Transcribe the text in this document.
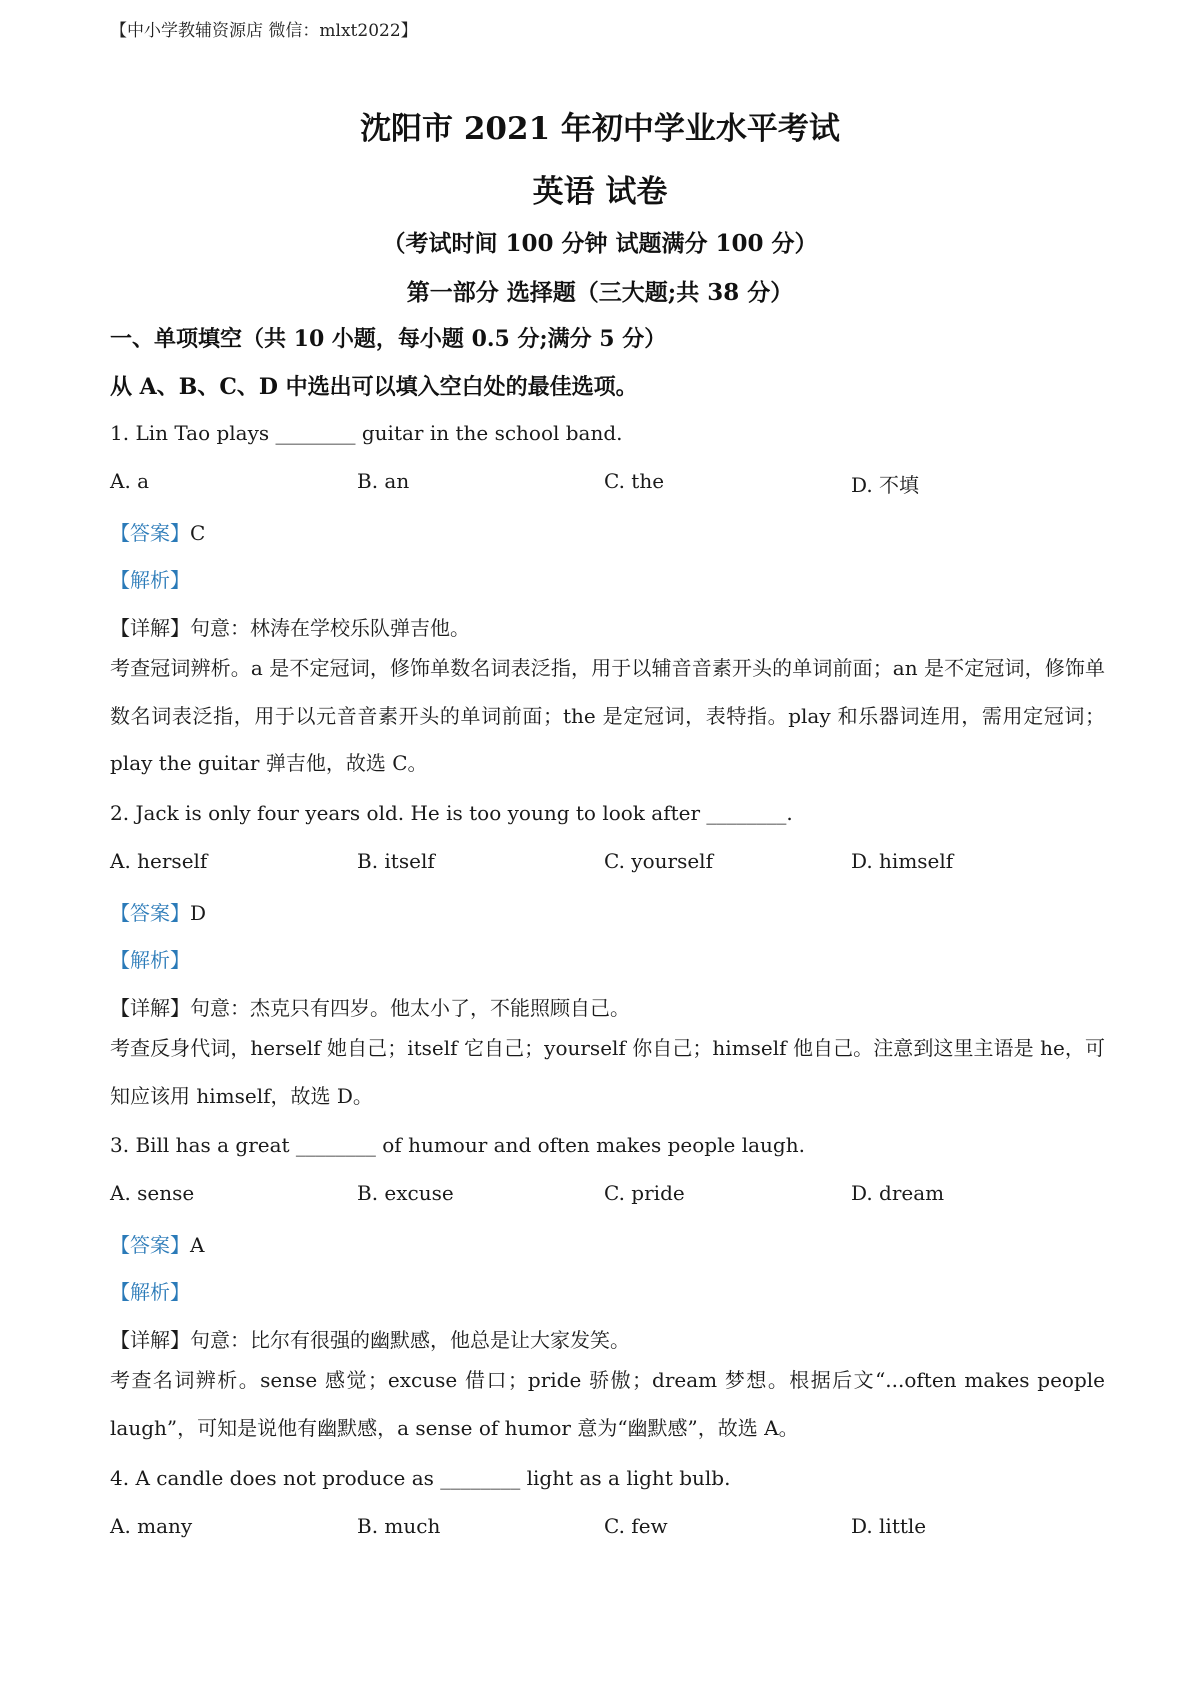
【中小学教辅资源店 微信：mlxt2022】
沈阳市 2021 年初中学业水平考试
英语 试卷
（考试时间 100 分钟 试题满分 100 分）
第一部分 选择题（三大题;共 38 分）
一、单项填空（共 10 小题，每小题 0.5 分;满分 5 分）
从 A、B、C、D 中选出可以填入空白处的最佳选项。
1. Lin Tao plays ________ guitar in the school band.
A. a	B. an	C. the	D. 不填
【答案】C
【解析】
【详解】句意：林涛在学校乐队弹吉他。
考查冠词辨析。a 是不定冠词，修饰单数名词表泛指，用于以辅音音素开头的单词前面；an 是不定冠词，修饰单数名词表泛指，用于以元音音素开头的单词前面；the 是定冠词，表特指。play 和乐器词连用，需用定冠词；play the guitar 弹吉他，故选 C。
2. Jack is only four years old. He is too young to look after ________.
A. herself	B. itself	C. yourself	D. himself
【答案】D
【解析】
【详解】句意：杰克只有四岁。他太小了，不能照顾自己。
考查反身代词，herself 她自己；itself 它自己；yourself 你自己；himself 他自己。注意到这里主语是 he，可知应该用 himself，故选 D。
3. Bill has a great ________ of humour and often makes people laugh.
A. sense	B. excuse	C. pride	D. dream
【答案】A
【解析】
【详解】句意：比尔有很强的幽默感，他总是让大家发笑。
考查名词辨析。sense 感觉；excuse 借口；pride 骄傲；dream 梦想。根据后文“...often makes people laugh”，可知是说他有幽默感，a sense of humor 意为“幽默感”，故选 A。
4. A candle does not produce as ________ light as a light bulb.
A. many	B. much	C. few	D. little
